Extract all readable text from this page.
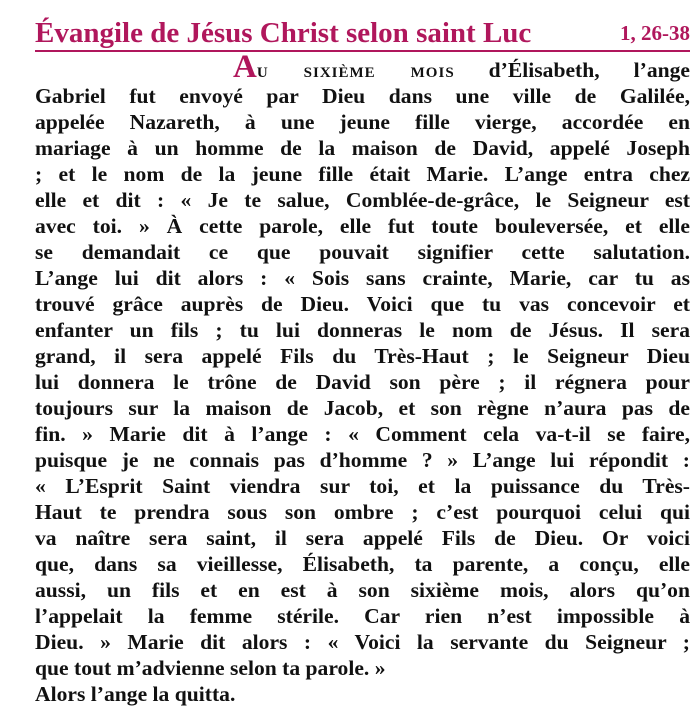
Évangile de Jésus Christ selon saint Luc	1, 26-38
Au sixième mois d’Élisabeth, l’ange
Gabriel fut envoyé par Dieu dans une ville de Galilée,
appelée Nazareth, à une jeune fille vierge, accordée en
mariage à un homme de la maison de David, appelé Joseph
; et le nom de la jeune fille était Marie. L’ange entra chez
elle et dit : « Je te salue, Comblée-de-grâce, le Seigneur est
avec toi. » À cette parole, elle fut toute bouleversée, et elle
se demandait ce que pouvait signifier cette salutation.
L’ange lui dit alors : « Sois sans crainte, Marie, car tu as
trouvé grâce auprès de Dieu. Voici que tu vas concevoir et
enfanter un fils ; tu lui donneras le nom de Jésus. Il sera
grand, il sera appelé Fils du Très-Haut ; le Seigneur Dieu
lui donnera le trône de David son père ; il régnera pour
toujours sur la maison de Jacob, et son règne n’aura pas de
fin. » Marie dit à l’ange : « Comment cela va-t-il se faire,
puisque je ne connais pas d’homme ? » L’ange lui répondit :
« L’Esprit Saint viendra sur toi, et la puissance du Très-
Haut te prendra sous son ombre ; c’est pourquoi celui qui
va naître sera saint, il sera appelé Fils de Dieu. Or voici
que, dans sa vieillesse, Élisabeth, ta parente, a conçu, elle
aussi, un fils et en est à son sixième mois, alors qu’on
l’appelait la femme stérile. Car rien n’est impossible à
Dieu. » Marie dit alors : « Voici la servante du Seigneur ;
que tout m’advienne selon ta parole. »
Alors l’ange la quitta.
